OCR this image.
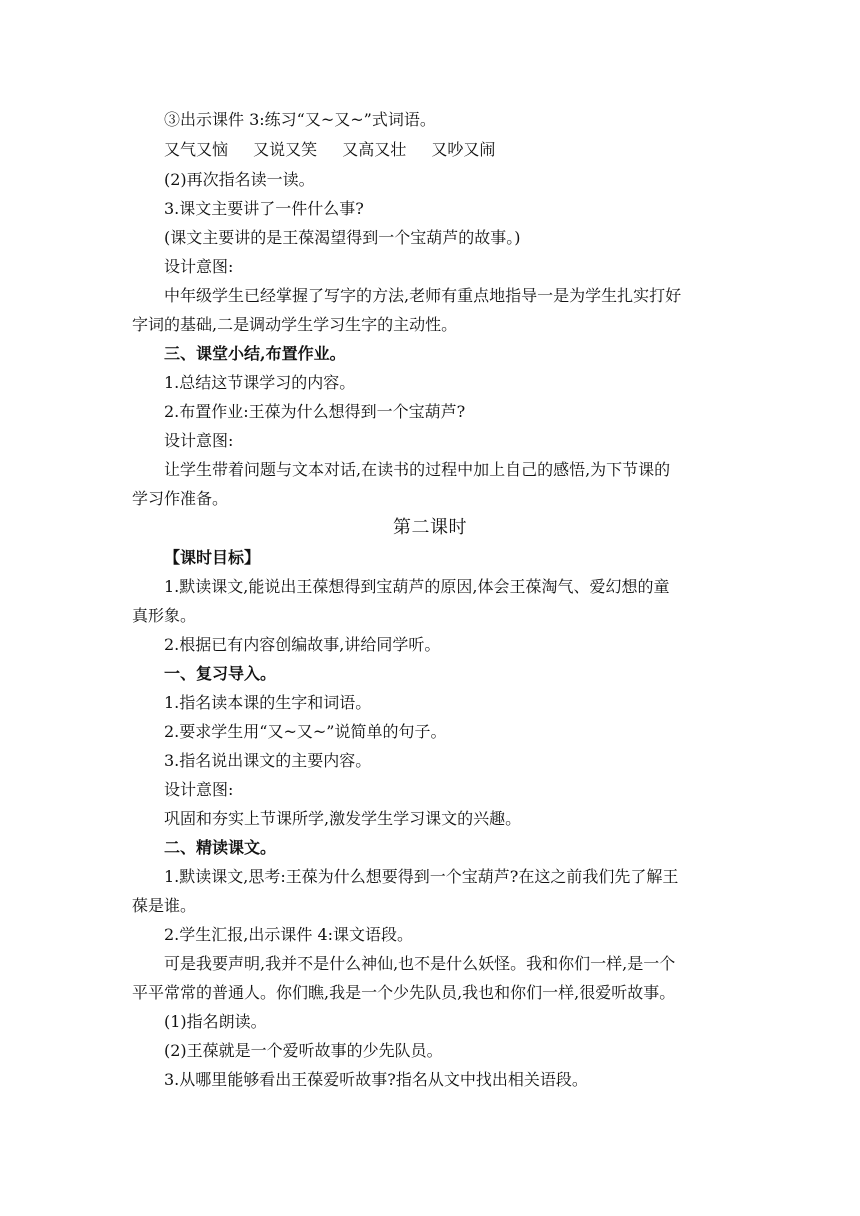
③出示课件 3:练习“又~又~”式词语。
又气又恼 又说又笑 又高又壮 又吵又闹
(2)再次指名读一读。
3.课文主要讲了一件什么事?
(课文主要讲的是王葆渴望得到一个宝葫芦的故事。)
设计意图:
中年级学生已经掌握了写字的方法,老师有重点地指导一是为学生扎实打好
字词的基础,二是调动学生学习生字的主动性。
三、课堂小结,布置作业。
1.总结这节课学习的内容。
2.布置作业:王葆为什么想得到一个宝葫芦?
设计意图:
让学生带着问题与文本对话,在读书的过程中加上自己的感悟,为下节课的
学习作准备。
第二课时
【课时目标】
1.默读课文,能说出王葆想得到宝葫芦的原因,体会王葆淘气、爱幻想的童
真形象。
2.根据已有内容创编故事,讲给同学听。
一、复习导入。
1.指名读本课的生字和词语。
2.要求学生用“又~又~”说简单的句子。
3.指名说出课文的主要内容。
设计意图:
巩固和夯实上节课所学,激发学生学习课文的兴趣。
二、精读课文。
1.默读课文,思考:王葆为什么想要得到一个宝葫芦?在这之前我们先了解王
葆是谁。
2.学生汇报,出示课件 4:课文语段。
可是我要声明,我并不是什么神仙,也不是什么妖怪。我和你们一样,是一个
平平常常的普通人。你们瞧,我是一个少先队员,我也和你们一样,很爱听故事。
(1)指名朗读。
(2)王葆就是一个爱听故事的少先队员。
3.从哪里能够看出王葆爱听故事?指名从文中找出相关语段。
